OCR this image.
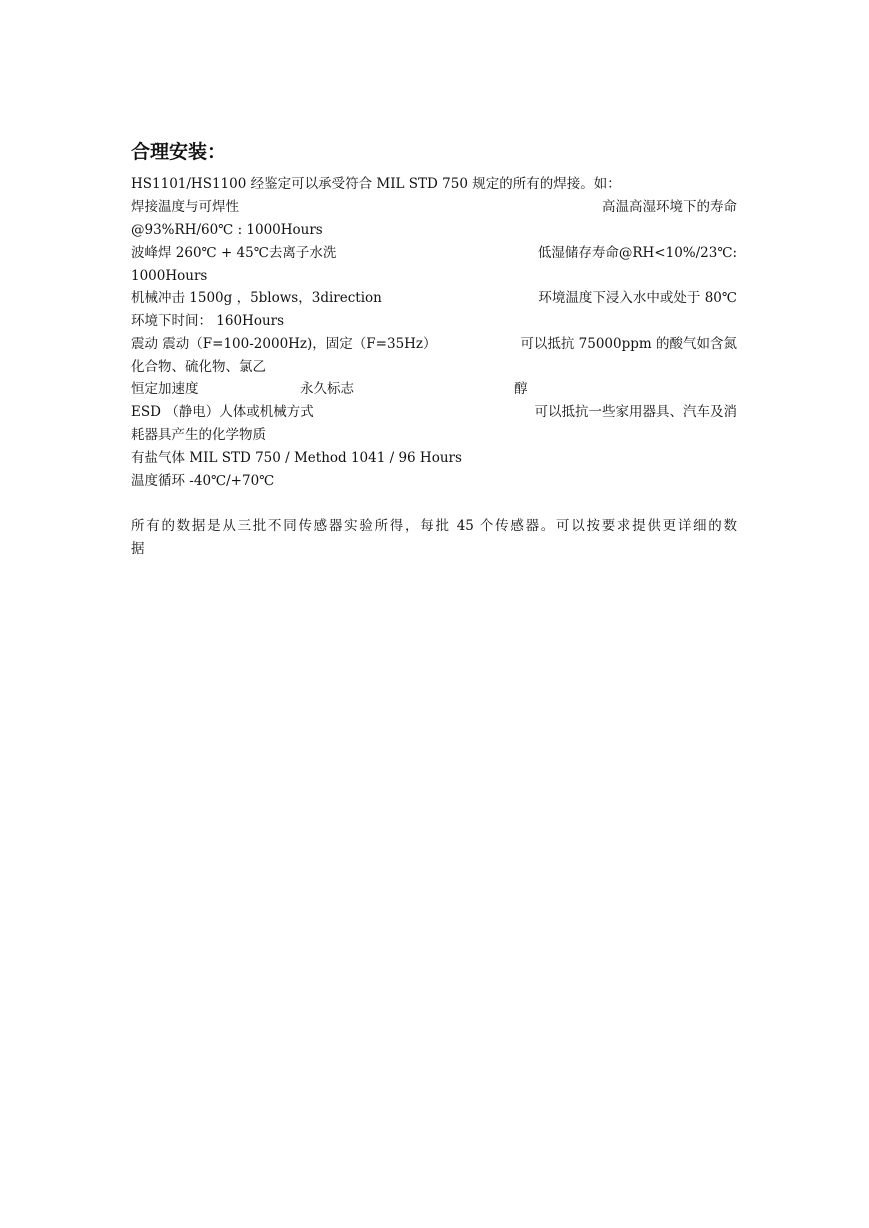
合理安装：
HS1101/HS1100 经鉴定可以承受符合 MIL STD 750 规定的所有的焊接。如：
焊接温度与可焊性	高温高湿环境下的寿命
@93%RH/60℃ : 1000Hours
波峰焊 260℃ + 45℃去离子水洗	低湿储存寿命@RH<10%/23℃:
1000Hours
机械冲击 1500g ，5blows，3direction	环境温度下浸入水中或处于 80℃
环境下时间： 160Hours
震动 震动（F=100-2000Hz)，固定（F=35Hz）	可以抵抗 75000ppm 的酸气如含氮
化合物、硫化物、氯乙
恒定加速度	永久标志	醇
ESD （静电）人体或机械方式	可以抵抗一些家用器具、汽车及消
耗器具产生的化学物质
有盐气体 MIL STD 750 / Method 1041 / 96 Hours
温度循环 -40℃/+70℃
所有的数据是从三批不同传感器实验所得，每批 45 个传感器。可以按要求提供更详细的数
据
